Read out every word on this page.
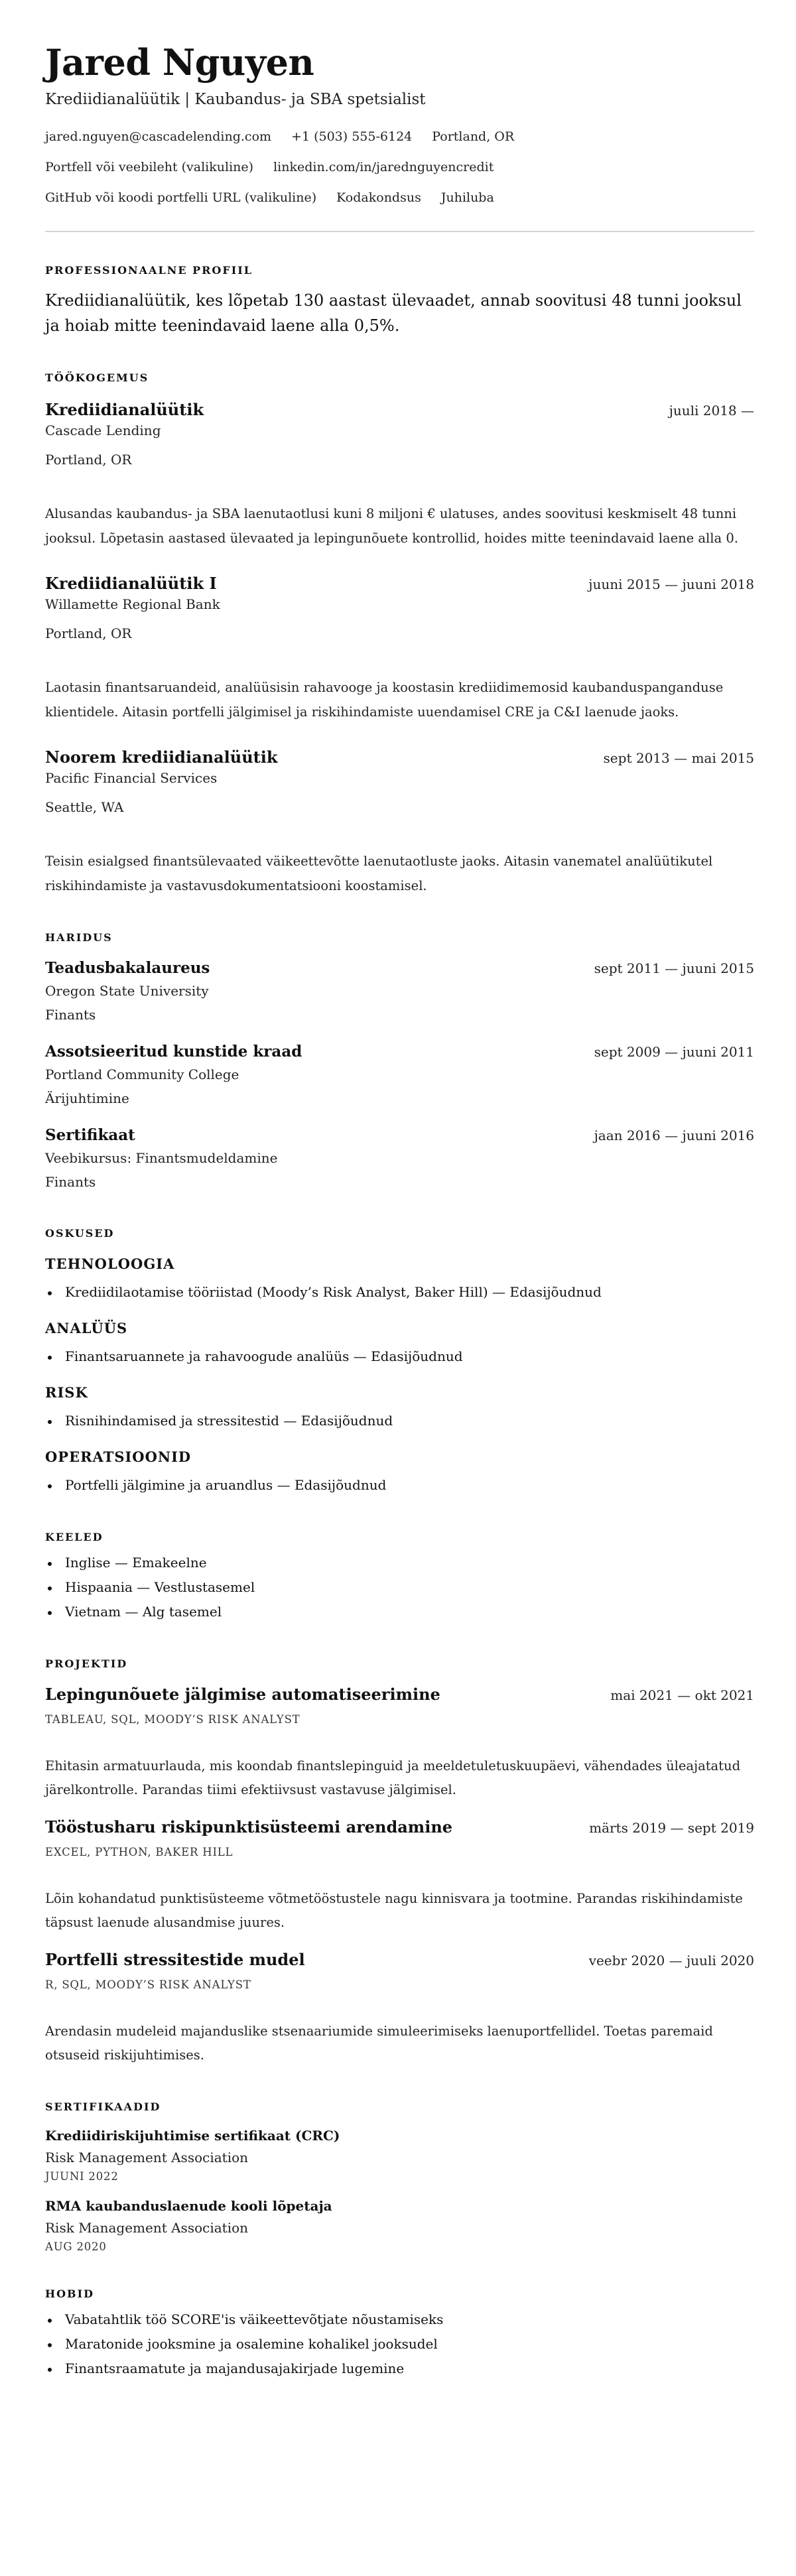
Jared Nguyen
Krediidianalüütik | Kaubandus- ja SBA spetsialist
jared.nguyen@cascadelending.com +1 (503) 555-6124 Portland, OR
Portfell või veebileht (valikuline) linkedin.com/in/jarednguyencredit
GitHub või koodi portfelli URL (valikuline) Kodakondsus Juhiluba
PROFESSIONAALNE PROFIIL
Krediidianalüütik, kes lõpetab 130 aastast ülevaadet, annab soovitusi 48 tunni jooksul ja hoiab mitte teenindavaid laene alla 0,5%.
TÖÖKOGEMUS
Krediidianalüütik	juuli 2018 —
Cascade Lending
Portland, OR
Alusandas kaubandus- ja SBA laenutaotlusi kuni 8 miljoni € ulatuses, andes soovitusi keskmiselt 48 tunni jooksul. Lõpetasin aastased ülevaated ja lepingunõuete kontrollid, hoides mitte teenindavaid laene alla 0.
Krediidianalüütik I	juuni 2015 — juuni 2018
Willamette Regional Bank
Portland, OR
Laotasin finantsaruandeid, analüüsisin rahavooge ja koostasin krediidimemosid kaubanduspanganduse klientidele. Aitasin portfelli jälgimisel ja riskihindamiste uuendamisel CRE ja C&I laenude jaoks.
Noorem krediidianalüütik	sept 2013 — mai 2015
Pacific Financial Services
Seattle, WA
Teisin esialgsed finantsülevaated väikeettevõtte laenutaotluste jaoks. Aitasin vanematel analüütikutel riskihindamiste ja vastavusdokumentatsiooni koostamisel.
HARIDUS
Teadusbakalaureus	sept 2011 — juuni 2015
Oregon State University
Finants
Assotsieeritud kunstide kraad	sept 2009 — juuni 2011
Portland Community College
Ärijuhtimine
Sertifikaat	jaan 2016 — juuni 2016
Veebikursus: Finantsmudeldamine
Finants
OSKUSED
TEHNOLOOGIA
Krediidilaotamise tööriistad (Moody’s Risk Analyst, Baker Hill) — Edasijõudnud
ANALÜÜS
Finantsaruannete ja rahavoogude analüüs — Edasijõudnud
RISK
Risnihindamised ja stressitestid — Edasijõudnud
OPERATSIOONID
Portfelli jälgimine ja aruandlus — Edasijõudnud
KEELED
Inglise — Emakeelne
Hispaania — Vestlustasemel
Vietnam — Alg tasemel
PROJEKTID
Lepingunõuete jälgimise automatiseerimine	mai 2021 — okt 2021
TABLEAU, SQL, MOODY’S RISK ANALYST
Ehitasin armatuurlauda, mis koondab finantslepinguid ja meeldetuletuskuupäevi, vähendades üleajatatud järelkontrolle. Parandas tiimi efektiivsust vastavuse jälgimisel.
Tööstusharu riskipunktisüsteemi arendamine	märts 2019 — sept 2019
EXCEL, PYTHON, BAKER HILL
Lõin kohandatud punktisüsteeme võtmetööstustele nagu kinnisvara ja tootmine. Parandas riskihindamiste täpsust laenude alusandmise juures.
Portfelli stressitestide mudel	veebr 2020 — juuli 2020
R, SQL, MOODY’S RISK ANALYST
Arendasin mudeleid majanduslike stsenaariumide simuleerimiseks laenuportfellidel. Toetas paremaid otsuseid riskijuhtimises.
SERTIFIKAADID
Krediidiriskijuhtimise sertifikaat (CRC)
Risk Management Association
JUUNI 2022
RMA kaubanduslaenude kooli lõpetaja
Risk Management Association
AUG 2020
HOBID
Vabatahtlik töö SCORE'is väikeettevõtjate nõustamiseks
Maratonide jooksmine ja osalemine kohalikel jooksudel
Finantsraamatute ja majandusajakirjade lugemine
